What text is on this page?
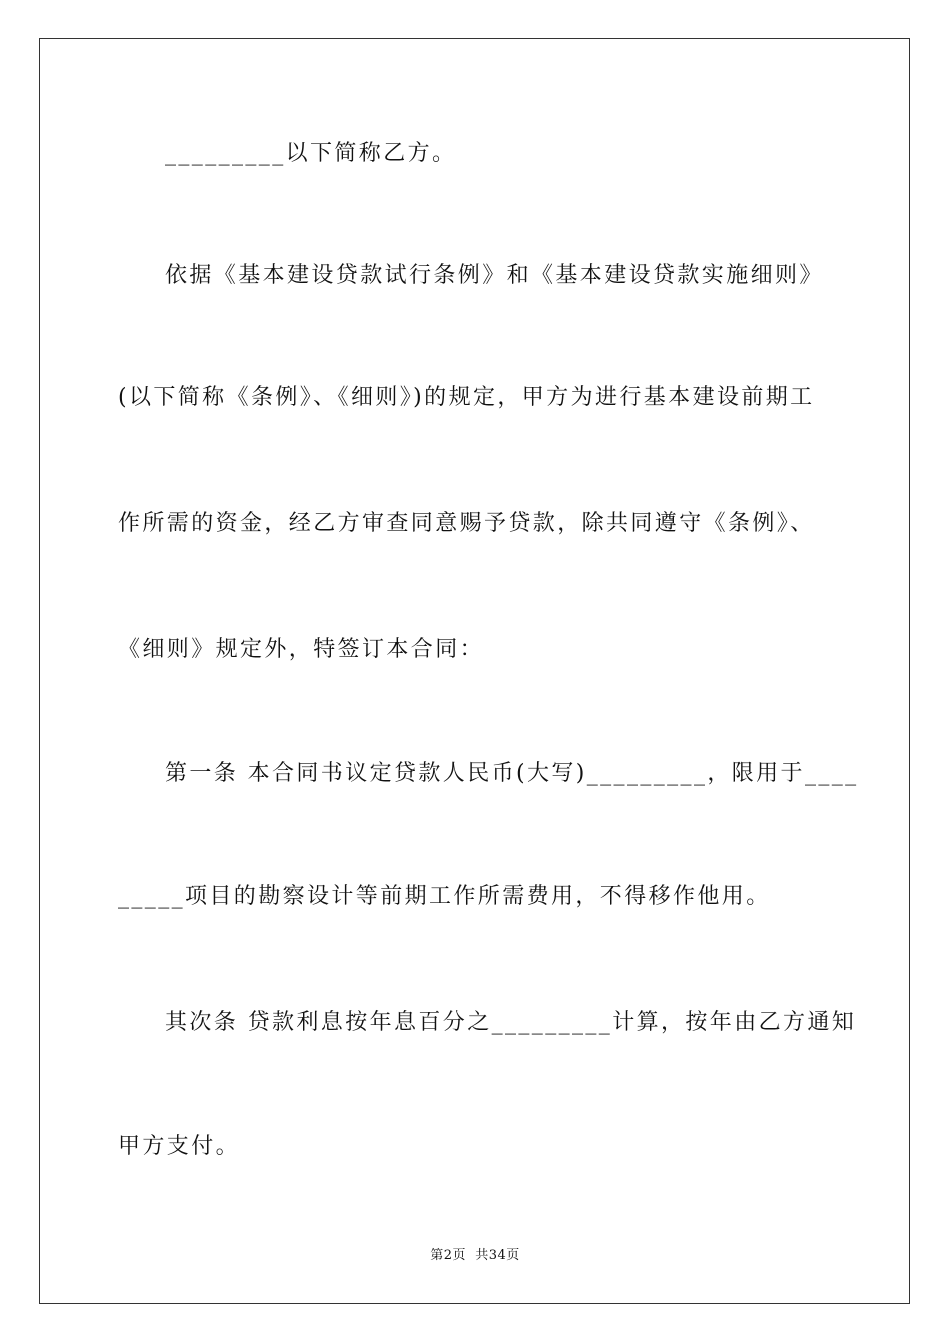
_________以下简称乙方。
依据《基本建设贷款试行条例》和《基本建设贷款实施细则》
(以下简称《条例》、《细则》)的规定，甲方为进行基本建设前期工
作所需的资金，经乙方审查同意赐予贷款，除共同遵守《条例》、
《细则》规定外，特签订本合同：
第一条 本合同书议定贷款人民币(大写)_________，限用于____
_____项目的勘察设计等前期工作所需费用，不得移作他用。
其次条 贷款利息按年息百分之_________计算，按年由乙方通知
甲方支付。
第2页  共34页
